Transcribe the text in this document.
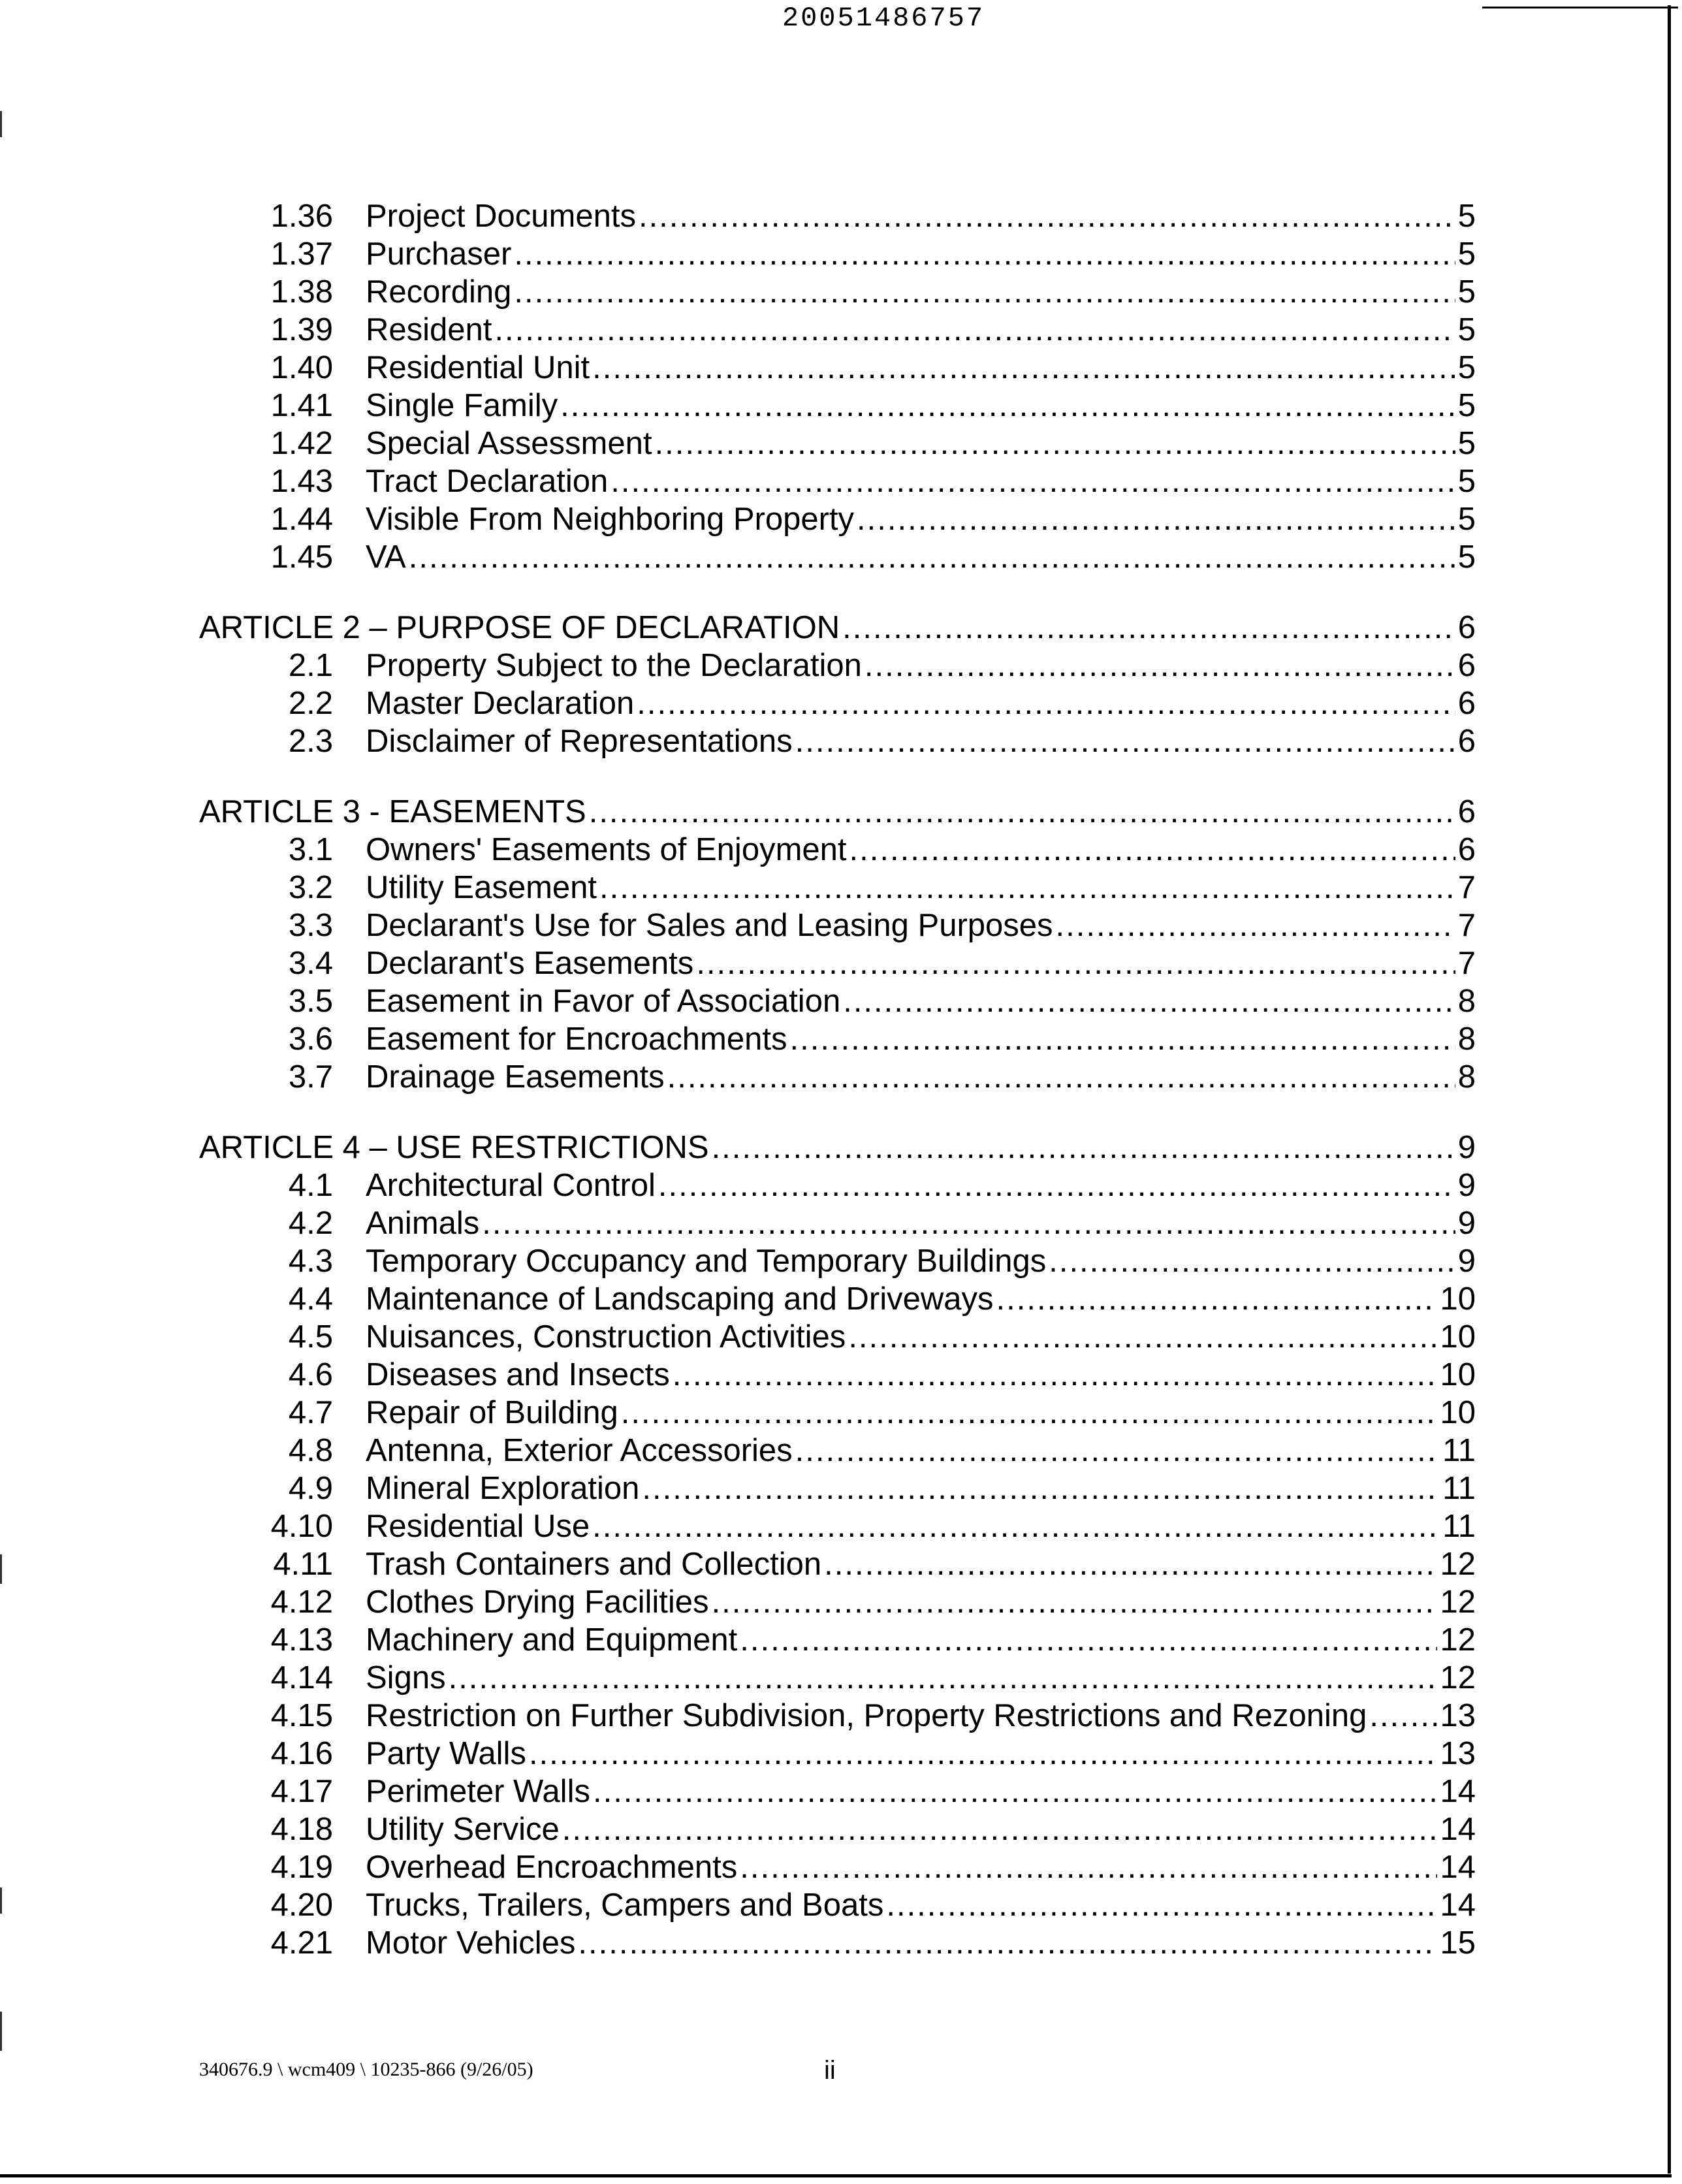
20051486757
1.36	Project Documents .....	5
1.37	Purchaser .....	5
1.38	Recording .....	5
1.39	Resident .....	5
1.40	Residential Unit .....	5
1.41	Single Family .....	5
1.42	Special Assessment .....	5
1.43	Tract Declaration .....	5
1.44	Visible From Neighboring Property .....	5
1.45	VA .....	5
ARTICLE 2 – PURPOSE OF DECLARATION .....	6
2.1	Property Subject to the Declaration .....	6
2.2	Master Declaration .....	6
2.3	Disclaimer of Representations .....	6
ARTICLE 3 - EASEMENTS .....	6
3.1	Owners' Easements of Enjoyment .....	6
3.2	Utility Easement .....	7
3.3	Declarant's Use for Sales and Leasing Purposes .....	7
3.4	Declarant's Easements .....	7
3.5	Easement in Favor of Association .....	8
3.6	Easement for Encroachments .....	8
3.7	Drainage Easements .....	8
ARTICLE 4 – USE RESTRICTIONS .....	9
4.1	Architectural Control .....	9
4.2	Animals .....	9
4.3	Temporary Occupancy and Temporary Buildings .....	9
4.4	Maintenance of Landscaping and Driveways .....	10
4.5	Nuisances, Construction Activities .....	10
4.6	Diseases and Insects .....	10
4.7	Repair of Building .....	10
4.8	Antenna, Exterior Accessories .....	11
4.9	Mineral Exploration .....	11
4.10	Residential Use .....	11
4.11	Trash Containers and Collection .....	12
4.12	Clothes Drying Facilities .....	12
4.13	Machinery and Equipment .....	12
4.14	Signs .....	12
4.15	Restriction on Further Subdivision, Property Restrictions and Rezoning ..... 13
4.16	Party Walls .....	13
4.17	Perimeter Walls .....	14
4.18	Utility Service .....	14
4.19	Overhead Encroachments .....	14
4.20	Trucks, Trailers, Campers and Boats .....	14
4.21	Motor Vehicles .....	15
340676.9 \ wcm409 \ 10235-866 (9/26/05)	ii
